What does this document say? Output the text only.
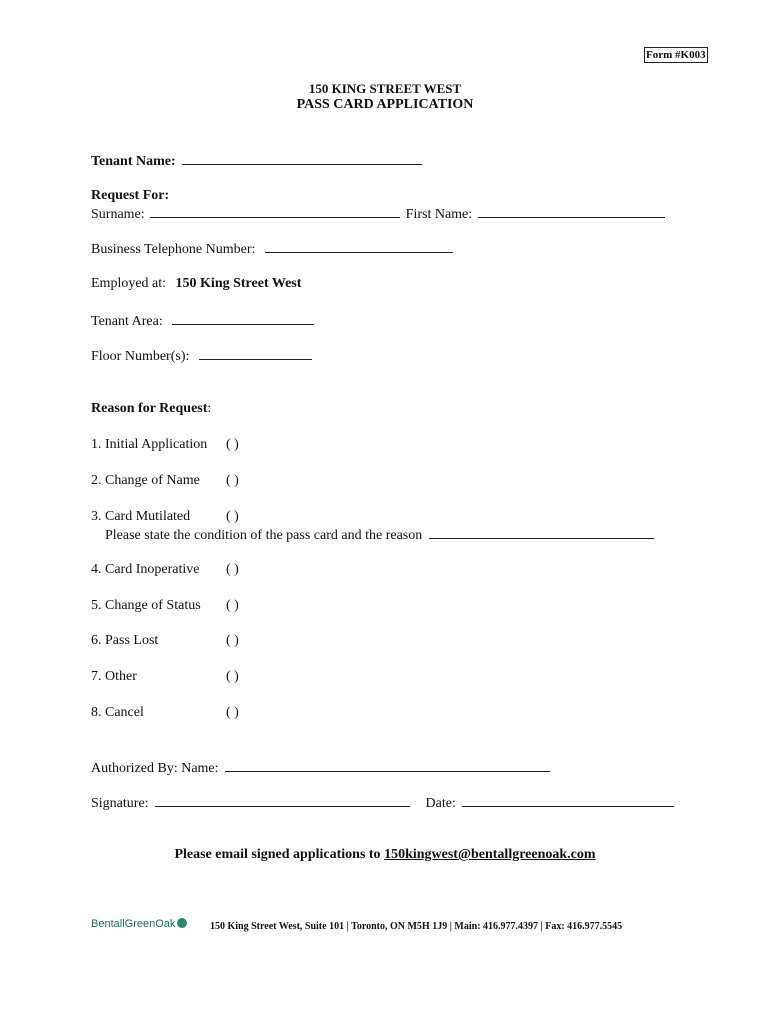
Form #K003
150 KING STREET WEST
PASS CARD APPLICATION
Tenant Name:
Request For:
Surname:	First Name:
Business Telephone Number:
Employed at: 150 King Street West
Tenant Area:
Floor Number(s):
Reason for Request:
1. Initial Application ( )
2. Change of Name ( )
3. Card Mutilated	( )
Please state the condition of the pass card and the reason
4. Card Inoperative ( )
5. Change of Status ( )
6. Pass Lost	( )
7. Other	( )
8. Cancel	( )
Authorized By: Name:
Signature:	Date:
Please email signed applications to 150kingwest@bentallgreenoak.com
BentallGreenOak	150 King Street West, Suite 101 | Toronto, ON M5H 1J9 | Main: 416.977.4397 | Fax: 416.977.5545
